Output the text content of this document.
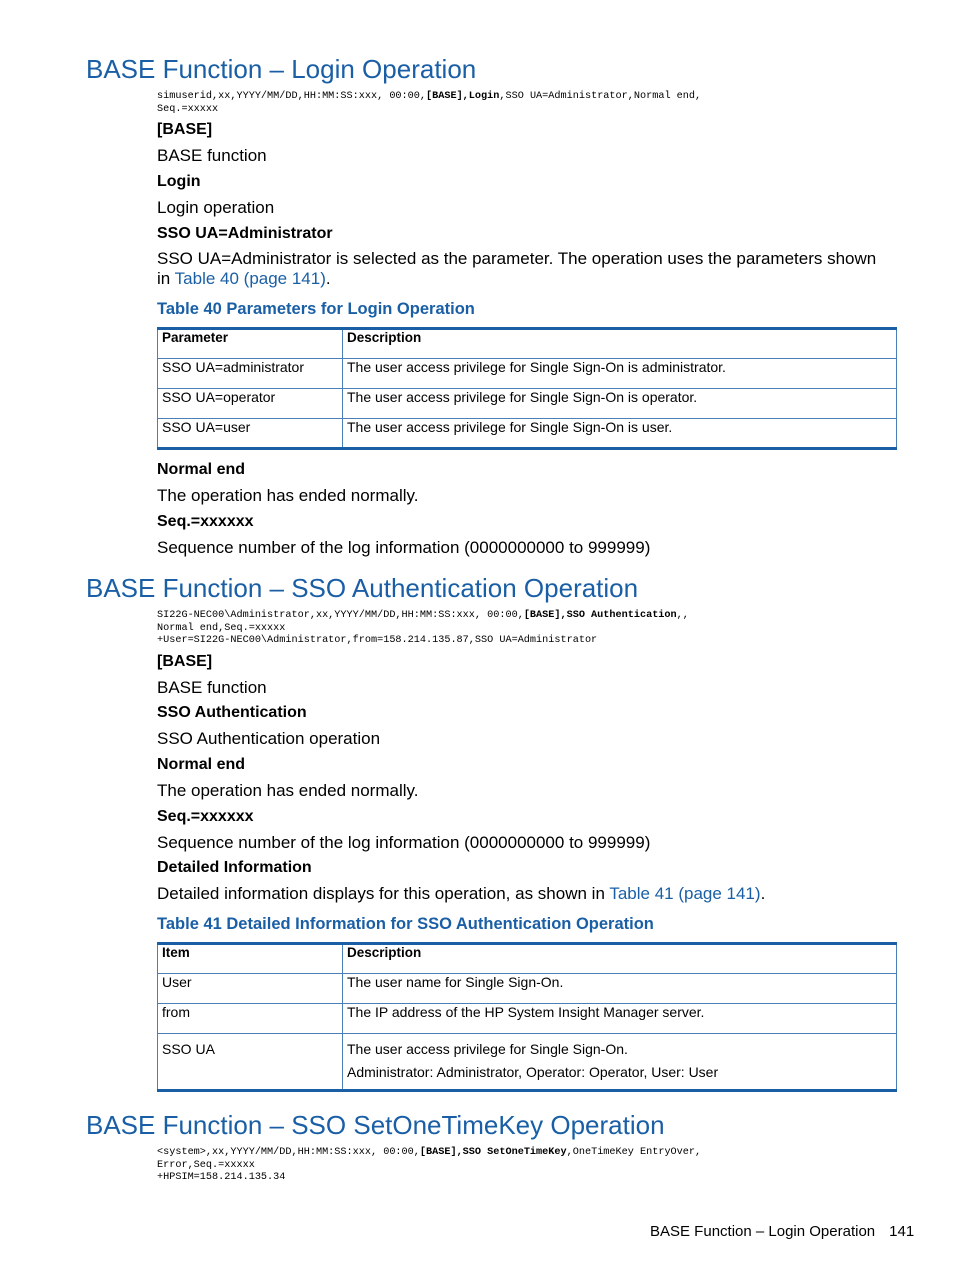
BASE Function – Login Operation
simuserid,xx,YYYY/MM/DD,HH:MM:SS:xxx, 00:00,[BASE],Login,SSO UA=Administrator,Normal end,
Seq.=xxxxx
[BASE]
BASE function
Login
Login operation
SSO UA=Administrator
SSO UA=Administrator is selected as the parameter. The operation uses the parameters shown in Table 40 (page 141).
Table 40 Parameters for Login Operation
Parameter	Description
SSO UA=administrator	The user access privilege for Single Sign-On is administrator.
SSO UA=operator	The user access privilege for Single Sign-On is operator.
SSO UA=user	The user access privilege for Single Sign-On is user.
Normal end
The operation has ended normally.
Seq.=xxxxxx
Sequence number of the log information (0000000000 to 999999)
BASE Function – SSO Authentication Operation
SI22G-NEC00\Administrator,xx,YYYY/MM/DD,HH:MM:SS:xxx, 00:00,[BASE],SSO Authentication,,
Normal end,Seq.=xxxxx
+User=SI22G-NEC00\Administrator,from=158.214.135.87,SSO UA=Administrator
[BASE]
BASE function
SSO Authentication
SSO Authentication operation
Normal end
The operation has ended normally.
Seq.=xxxxxx
Sequence number of the log information (0000000000 to 999999)
Detailed Information
Detailed information displays for this operation, as shown in Table 41 (page 141).
Table 41 Detailed Information for SSO Authentication Operation
Item	Description
User	The user name for Single Sign-On.
from	The IP address of the HP System Insight Manager server.

SSO UA	The user access privilege for Single Sign-On.
Administrator: Administrator, Operator: Operator, User: User
BASE Function – SSO SetOneTimeKey Operation
<system>,xx,YYYY/MM/DD,HH:MM:SS:xxx, 00:00,[BASE],SSO SetOneTimeKey,OneTimeKey EntryOver,
Error,Seq.=xxxxx
+HPSIM=158.214.135.34
BASE Function – Login Operation 141
